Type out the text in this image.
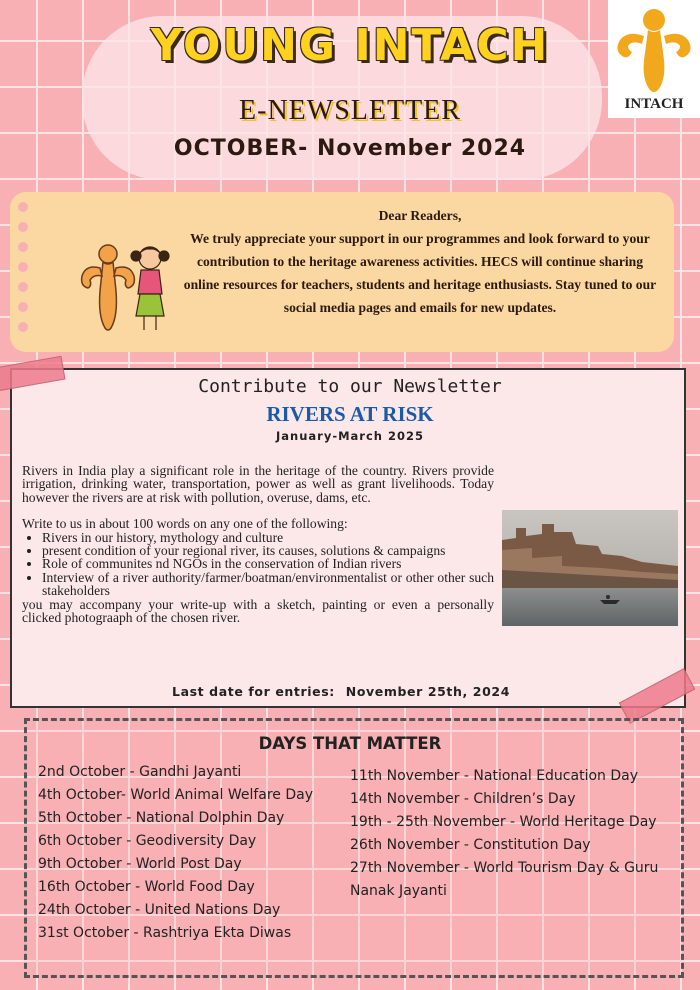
YOUNG INTACH
E-NEWSLETTER
OCTOBER- November 2024
INTACH
Dear Readers,
We truly appreciate your support in our programmes and look forward to your contribution to the heritage awareness activities. HECS will continue sharing online resources for teachers, students and heritage enthusiasts. Stay tuned to our social media pages and emails for new updates.
Contribute to our Newsletter
RIVERS AT RISK
January-March 2025

Rivers in India play a significant role in the heritage of the country. Rivers provide irrigation, drinking water, transportation, power as well as grant livelihoods. Today however the rivers are at risk with pollution, overuse, dams, etc.

Write to us in about 100 words on any one of the following:

• Rivers in our history, mythology and culture
• present condition of your regional river, its causes, solutions & campaigns
• Role of communites nd NGOs in the conservation of Indian rivers
• Interview of a river authority/farmer/boatman/environmentalist or other other such stakeholders

you may accompany your write-up with a sketch, painting or even a personally clicked photograaph of the chosen river.

Last date for entries: November 25th, 2024
DAYS THAT MATTER
2nd October - Gandhi Jayanti
4th October- World Animal Welfare Day
5th October - National Dolphin Day
6th October - Geodiversity Day
9th October - World Post Day
16th October - World Food Day
24th October - United Nations Day
31st October - Rashtriya Ekta Diwas
11th November - National Education Day
14th November - Children’s Day
19th - 25th November - World Heritage Day
26th November - Constitution Day
27th November - World Tourism Day & Guru
Nanak Jayanti
